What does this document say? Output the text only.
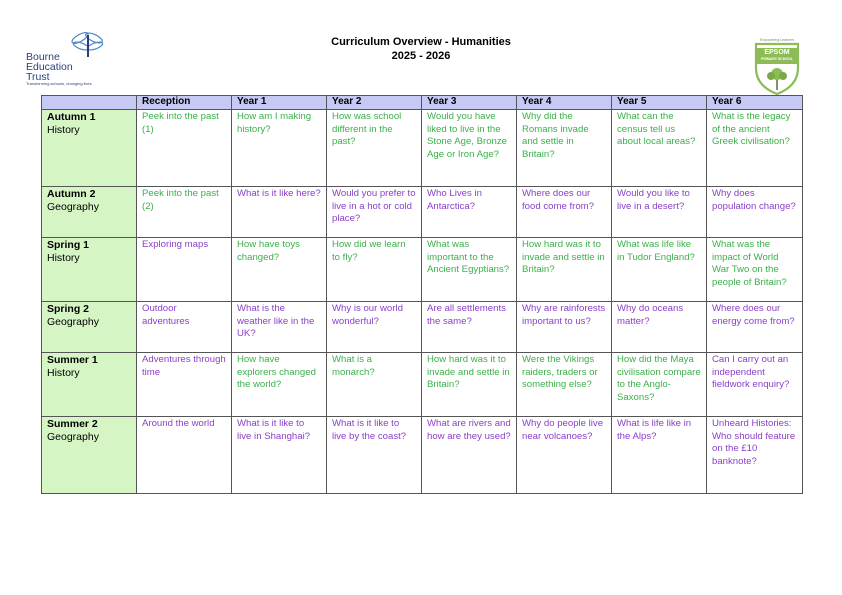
Bourne
Education
Trust
Transforming schools, changing lives
Curriculum Overview - Humanities
2025 - 2026
Empowering Learners
EPSOM
PRIMARY SCHOOL
	Reception	Year 1	Year 2	Year 3	Year 4	Year 5	Year 6

Autumn 1
History	Peek into the past (1)	How am I making history?	How was school different in the past?	Would you have liked to live in the Stone Age, Bronze Age or Iron Age?	Why did the Romans invade and settle in Britain?	What can the census tell us about local areas?	What is the legacy of the ancient Greek civilisation?

Autumn 2
Geography	Peek into the past (2)	What is it like here?	Would you prefer to live in a hot or cold place?	Who Lives in Antarctica?	Where does our food come from?	Would you like to live in a desert?	Why does population change?

Spring 1
History	Exploring maps	How have toys changed?	How did we learn to fly?	What was important to the Ancient Egyptians?	How hard was it to invade and settle in Britain?	What was life like in Tudor England?	What was the impact of World War Two on the people of Britain?

Spring 2
Geography	Outdoor adventures	What is the weather like in the UK?	Why is our world wonderful?	Are all settlements the same?	Why are rainforests important to us?	Why do oceans matter?	Where does our energy come from?

Summer 1
History	Adventures through time	How have explorers changed the world?	What is a monarch?	How hard was it to invade and settle in Britain?	Were the Vikings raiders, traders or something else?	How did the Maya civilisation compare to the Anglo-Saxons?	Can I carry out an independent fieldwork enquiry?

Summer 2
Geography	Around the world	What is it like to live in Shanghai?	What is it like to live by the coast?	What are rivers and how are they used?	Why do people live near volcanoes?	What is life like in the Alps?	Unheard Histories: Who should feature on the £10 banknote?
